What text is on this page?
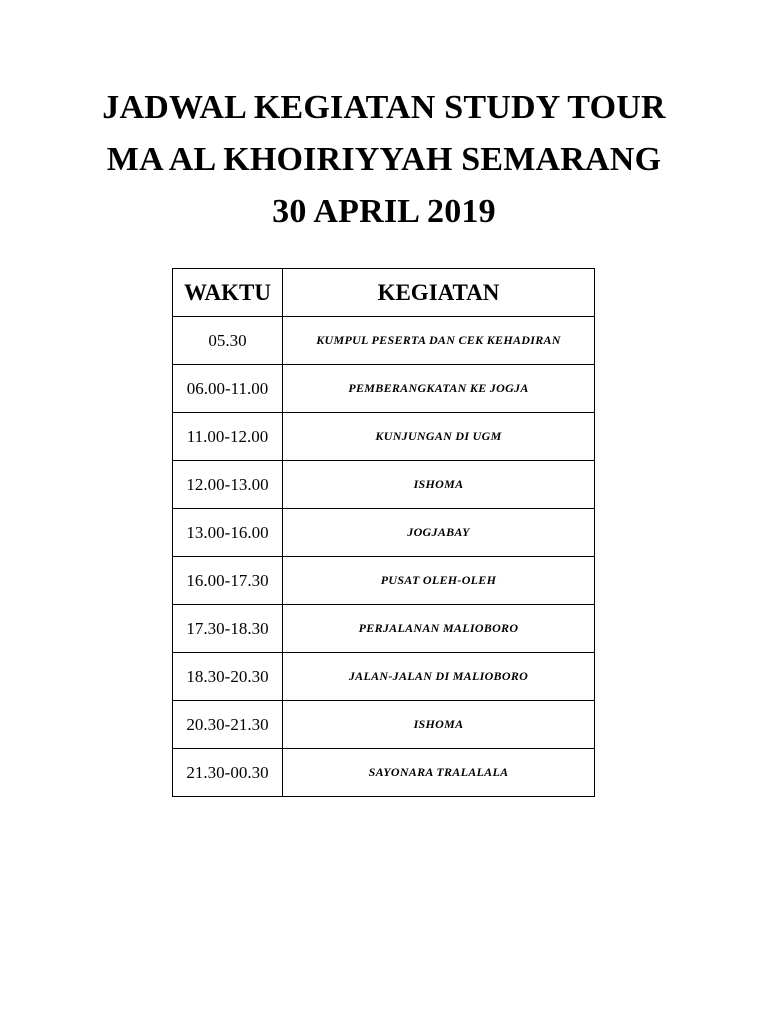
JADWAL KEGIATAN STUDY TOUR

MA AL KHOIRIYYAH SEMARANG

30 APRIL 2019

WAKTU	KEGIATAN
05.30	KUMPUL PESERTA DAN CEK KEHADIRAN
06.00-11.00	PEMBERANGKATAN KE JOGJA
11.00-12.00	KUNJUNGAN DI UGM
12.00-13.00	ISHOMA
13.00-16.00	JOGJABAY
16.00-17.30	PUSAT OLEH-OLEH
17.30-18.30	PERJALANAN MALIOBORO
18.30-20.30	JALAN-JALAN DI MALIOBORO
20.30-21.30	ISHOMA
21.30-00.30	SAYONARA TRALALALA
